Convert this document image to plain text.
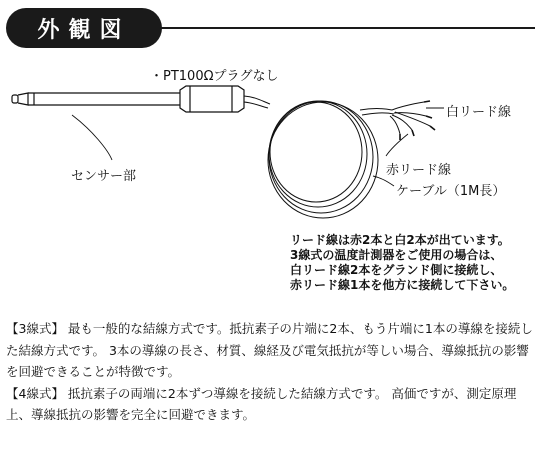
外観図
・PT100Ωプラグなし
白リード線
センサー部	赤リード線
ケーブル（1M長）
リード線は赤2本と白2本が出ています。
3線式の温度計測器をご使用の場合は、
白リード線2本をグランド側に接続し、
赤リード線1本を他方に接続して下さい。

【3線式】 最も一般的な結線方式です。抵抗素子の片端に2本、もう片端に1本の導線を接続した結線方式です。 3本の導線の長さ、材質、線経及び電気抵抗が等しい場合、導線抵抗の影響を回避できることが特徴です。

【4線式】 抵抗素子の両端に2本ずつ導線を接続した結線方式です。 高価ですが、測定原理上、導線抵抗の影響を完全に回避できます。
